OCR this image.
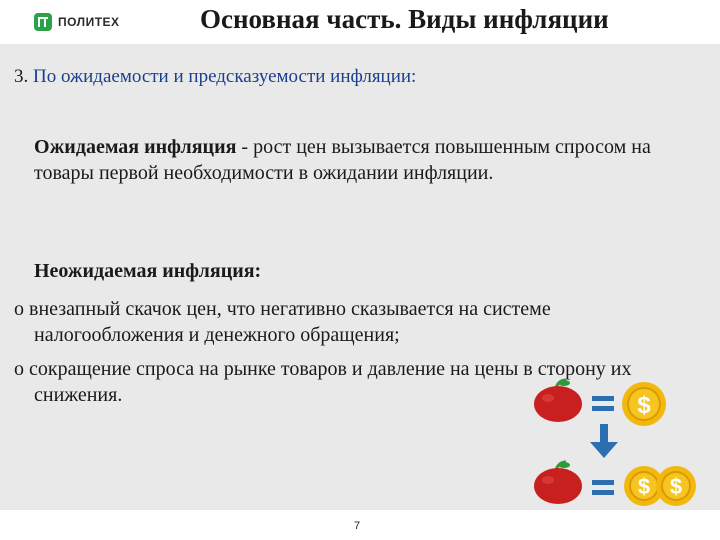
ПОЛИТЕХ	Основная часть. Виды инфляции
3. По ожидаемости и предсказуемости инфляции:
Ожидаемая инфляция - рост цен вызывается повышенным спросом на товары первой необходимости в ожидании инфляции.
Неожидаемая инфляция:
o внезапный скачок цен, что негативно сказывается на системе налогообложения и денежного обращения;
o сокращение спроса на рынке товаров и давление на цены в сторону их снижения.	$
$ $
7
